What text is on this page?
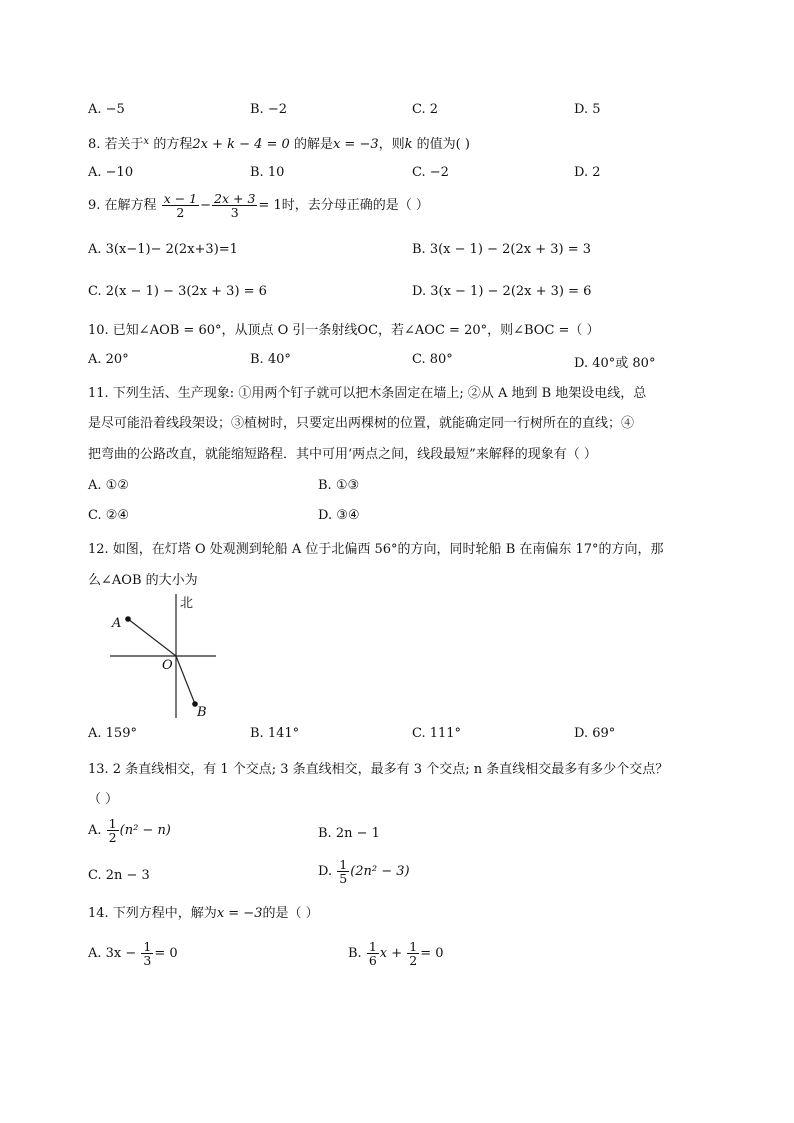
A. −5	B. −2	C. 2	D. 5
8. 若关于$^x$ 的方程2x + k − 4 = 0 的解是x = −3，则k 的值为( )
A. −10	B. 10	C. −2	D. 2
9. 在解方程 $\frac{x - 1}{2} - \frac{2x + 3}{3} = 1$时，去分母正确的是（ ）
A. 3(x−1)− 2(2x+3)=1	B. 3(x − 1) − 2(2x + 3) = 3
C. 2(x − 1) − 3(2x + 3) = 6	D. 3(x − 1) − 2(2x + 3) = 6
10. 已知∠AOB = 60°，从顶点 O 引一条射线OC，若∠AOC = 20°，则∠BOC =（ ）
A. 20°	B. 40°	C. 80°	D. 40°或 80°
11. 下列生活、生产现象: ①用两个钉子就可以把木条固定在墙上; ②从 A 地到 B 地架设电线，总
是尽可能沿着线段架设；③植树时，只要定出两棵树的位置，就能确定同一行树所在的直线；④
把弯曲的公路改直，就能缩短路程．其中可用‘两点之间，线段最短”来解释的现象有（ ）
A. ①②	B. ①③
C. ②④	D. ③④
12. 如图，在灯塔 O 处观测到轮船 A 位于北偏西 56°的方向，同时轮船 B 在南偏东 17°的方向，那
么∠AOB 的大小为
北
A
O
B
A. 159°	B. 141°	C. 111°	D. 69°
13. 2 条直线相交，有 1 个交点; 3 条直线相交，最多有 3 个交点; n 条直线相交最多有多少个交点？
（ ）
A. $\frac{1}{2} (n^2 - n)$	B. 2n − 1
C. 2n − 3	D. $\frac{1}{5} (2n^2 - 3)$
14. 下列方程中，解为x = −3的是（ ）
A. $3x - \frac{1}{3} = 0$	B. $\frac{1}{6}$ $x + \frac{1}{2} = 0$
